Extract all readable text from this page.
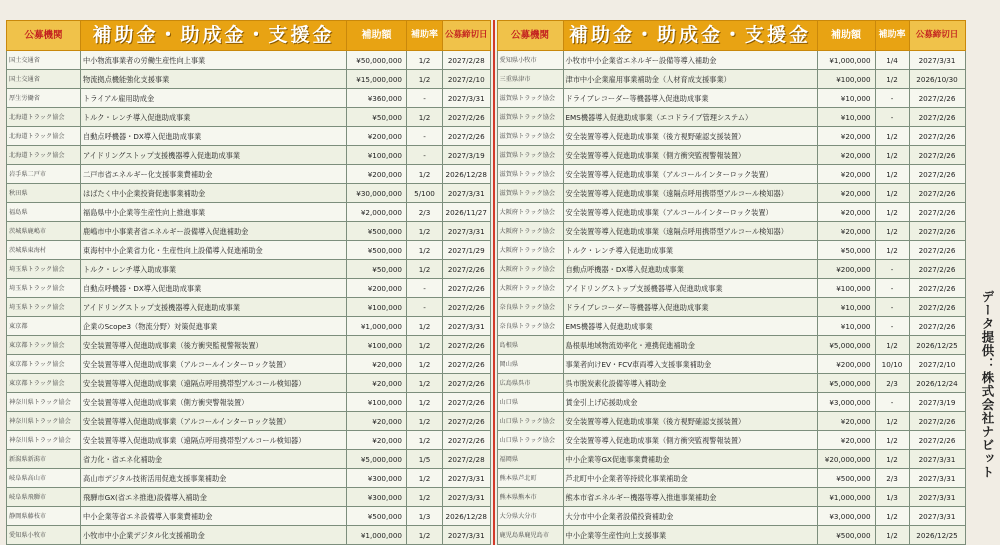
公募機関	補助金・助成金・支援金	補助額	補助率	公募締切日
国土交通省	中小物流事業者の労働生産性向上事業	¥50,000,000	1/2	2027/2/28
国土交通省	物流拠点機能強化支援事業	¥15,000,000	1/2	2027/2/10
厚生労働省	トライアル雇用助成金	¥360,000	-	2027/3/31
北海道トラック協会	トルク・レンチ導入促進助成事業	¥50,000	1/2	2027/2/26
北海道トラック協会	自動点呼機器・DX導入促進助成事業	¥200,000	-	2027/2/26
北海道トラック協会	アイドリングストップ支援機器導入促進助成事業	¥100,000	-	2027/3/19
岩手県二戸市	二戸市省エネルギー化支援事業費補助金	¥200,000	1/2	2026/12/28
秋田県	はばたく中小企業投資促進事業補助金	¥30,000,000	5/100	2027/3/31
福島県	福島県中小企業等生産性向上推進事業	¥2,000,000	2/3	2026/11/27
茨城県鹿嶋市	鹿嶋市中小事業者省エネルギー設備導入促進補助金	¥500,000	1/2	2027/3/31
茨城県東海村	東海村中小企業省力化・生産性向上設備導入促進補助金	¥500,000	1/2	2027/1/29
埼玉県トラック協会	トルク・レンチ導入助成事業	¥50,000	1/2	2027/2/26
埼玉県トラック協会	自動点呼機器・DX導入促進助成事業	¥200,000	-	2027/2/26
埼玉県トラック協会	アイドリングストップ支援機器導入促進助成事業	¥100,000	-	2027/2/26
東京都	企業のScope3（物流分野）対策促進事業	¥1,000,000	1/2	2027/3/31
東京都トラック協会	安全装置等導入促進助成事業（後方衝突監視警報装置）	¥100,000	1/2	2027/2/26
東京都トラック協会	安全装置等導入促進助成事業（アルコールインターロック装置）	¥20,000	1/2	2027/2/26
東京都トラック協会	安全装置等導入促進助成事業（遠隔点呼用携帯型アルコール検知器）	¥20,000	1/2	2027/2/26
神奈川県トラック協会	安全装置等導入促進助成事業（側方衝突警報装置）	¥100,000	1/2	2027/2/26
神奈川県トラック協会	安全装置等導入促進助成事業（アルコールインターロック装置）	¥20,000	1/2	2027/2/26
神奈川県トラック協会	安全装置等導入促進助成事業（遠隔点呼用携帯型アルコール検知器）	¥20,000	1/2	2027/2/26
新潟県新潟市	省力化・省エネ化補助金	¥5,000,000	1/5	2027/2/28
岐阜県高山市	高山市デジタル技術活用促進支援事業補助金	¥300,000	1/2	2027/3/31
岐阜県飛騨市	飛騨市GX(省エネ推進)設備導入補助金	¥300,000	1/2	2027/3/31
静岡県藤枝市	中小企業等省エネ設備導入事業費補助金	¥500,000	1/3	2026/12/28
愛知県小牧市	小牧市中小企業デジタル化支援補助金	¥1,000,000	1/2	2027/3/31
公募機関	補助金・助成金・支援金	補助額	補助率	公募締切日
愛知県小牧市	小牧市中小企業省エネルギー設備等導入補助金	¥1,000,000	1/4	2027/3/31
三重県津市	津市中小企業雇用事業補助金（人材育成支援事業）	¥100,000	1/2	2026/10/30
滋賀県トラック協会	ドライブレコーダー等機器導入促進助成事業	¥10,000	-	2027/2/26
滋賀県トラック協会	EMS機器導入促進助成事業（エコドライブ管理システム）	¥10,000	-	2027/2/26
滋賀県トラック協会	安全装置等導入促進助成事業（後方視野確認支援装置）	¥20,000	1/2	2027/2/26
滋賀県トラック協会	安全装置等導入促進助成事業（側方衝突監視警報装置）	¥20,000	1/2	2027/2/26
滋賀県トラック協会	安全装置等導入促進助成事業（アルコールインターロック装置）	¥20,000	1/2	2027/2/26
滋賀県トラック協会	安全装置等導入促進助成事業（遠隔点呼用携帯型アルコール検知器）	¥20,000	1/2	2027/2/26
大阪府トラック協会	安全装置等導入促進助成事業（アルコールインターロック装置）	¥20,000	1/2	2027/2/26
大阪府トラック協会	安全装置等導入促進助成事業（遠隔点呼用携帯型アルコール検知器）	¥20,000	1/2	2027/2/26
大阪府トラック協会	トルク・レンチ導入促進助成事業	¥50,000	1/2	2027/2/26
大阪府トラック協会	自動点呼機器・DX導入促進助成事業	¥200,000	-	2027/2/26
大阪府トラック協会	アイドリングストップ支援機器導入促進助成事業	¥100,000	-	2027/2/26
奈良県トラック協会	ドライブレコーダー等機器導入促進助成事業	¥10,000	-	2027/2/26
奈良県トラック協会	EMS機器導入促進助成事業	¥10,000	-	2027/2/26
島根県	島根県地域物流効率化・連携促進補助金	¥5,000,000	1/2	2026/12/25
岡山県	事業者向けEV・FCV車両導入支援事業補助金	¥200,000	10/10	2027/2/10
広島県呉市	呉市脱炭素化設備等導入補助金	¥5,000,000	2/3	2026/12/24
山口県	賃金引上げ応援助成金	¥3,000,000	-	2027/3/19
山口県トラック協会	安全装置等導入促進助成事業（後方視野確認支援装置）	¥20,000	1/2	2027/2/26
山口県トラック協会	安全装置等導入促進助成事業（側方衝突監視警報装置）	¥20,000	1/2	2027/2/26
福岡県	中小企業等GX促進事業費補助金	¥20,000,000	1/2	2027/3/31
熊本県芦北町	芦北町中小企業者等持続化事業補助金	¥500,000	2/3	2027/3/31
熊本県熊本市	熊本市省エネルギー機器等導入推進事業補助金	¥1,000,000	1/3	2027/3/31
大分県大分市	大分市中小企業者設備投資補助金	¥3,000,000	1/2	2027/3/31
鹿児島県鹿児島市	中小企業等生産性向上支援事業	¥500,000	1/2	2026/12/25
データ提供：株式会社ナビット
